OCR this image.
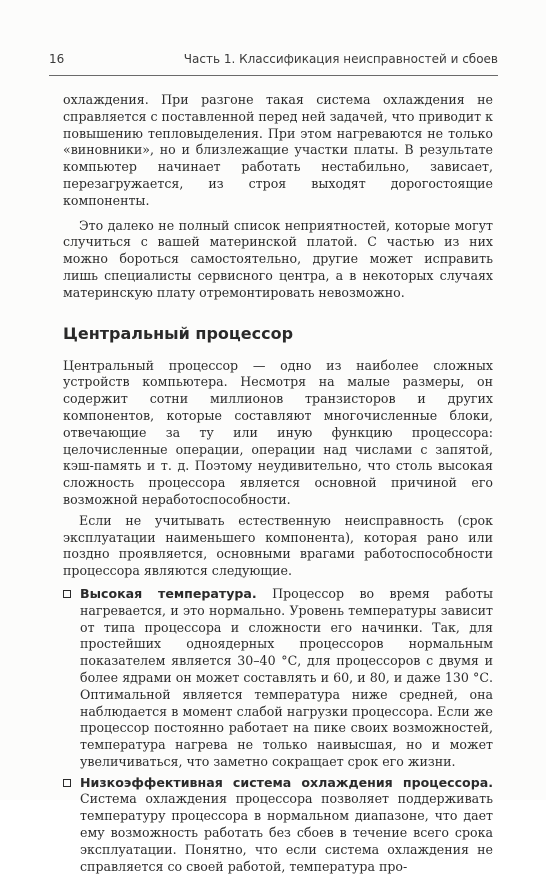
16	Часть 1. Классификация неисправностей и сбоев

охлаждения. При разгоне такая система охлаждения не справляется с поставленной перед ней задачей, что приводит к повышению тепловыделения. При этом нагреваются не только «виновники», но и близлежащие участки платы. В результате компьютер начинает работать нестабильно, зависает, перезагружается, из строя выходят дорогостоящие компоненты.

Это далеко не полный список неприятностей, которые могут случиться с вашей материнской платой. С частью из них можно бороться самостоятельно, другие может исправить лишь специалисты сервисного центра, а в некоторых случаях материнскую плату отремонтировать невозможно.

Центральный процессор

Центральный процессор — одно из наиболее сложных устройств компьютера. Несмотря на малые размеры, он содержит сотни миллионов транзисторов и других компонентов, которые составляют многочисленные блоки, отвечающие за ту или иную функцию процессора: целочисленные операции, операции над числами с запятой, кэш-память и т. д. Поэтому неудивительно, что столь высокая сложность процессора является основной причиной его возможной неработоспособности.

Если не учитывать естественную неисправность (срок эксплуатации наименьшего компонента), которая рано или поздно проявляется, основными врагами работоспособности процессора являются следующие.

Высокая температура. Процессор во время работы нагревается, и это нормально. Уровень температуры зависит от типа процессора и сложности его начинки. Так, для простейших одноядерных процессоров нормальным показателем является 30–40 °С, для процессоров с двумя и более ядрами он может составлять и 60, и 80, и даже 130 °С. Оптимальной является температура ниже средней, она наблюдается в момент слабой нагрузки процессора. Если же процессор постоянно работает на пике своих возможностей, температура нагрева не только наивысшая, но и может увеличиваться, что заметно сокращает срок его жизни.
Низкоэффективная система охлаждения процессора. Система охлаждения процессора позволяет поддерживать температуру процессора в нормальном диапазоне, что дает ему возможность работать без сбоев в течение всего срока эксплуатации. Понятно, что если система охлаждения не справляется со своей работой, температура про-
